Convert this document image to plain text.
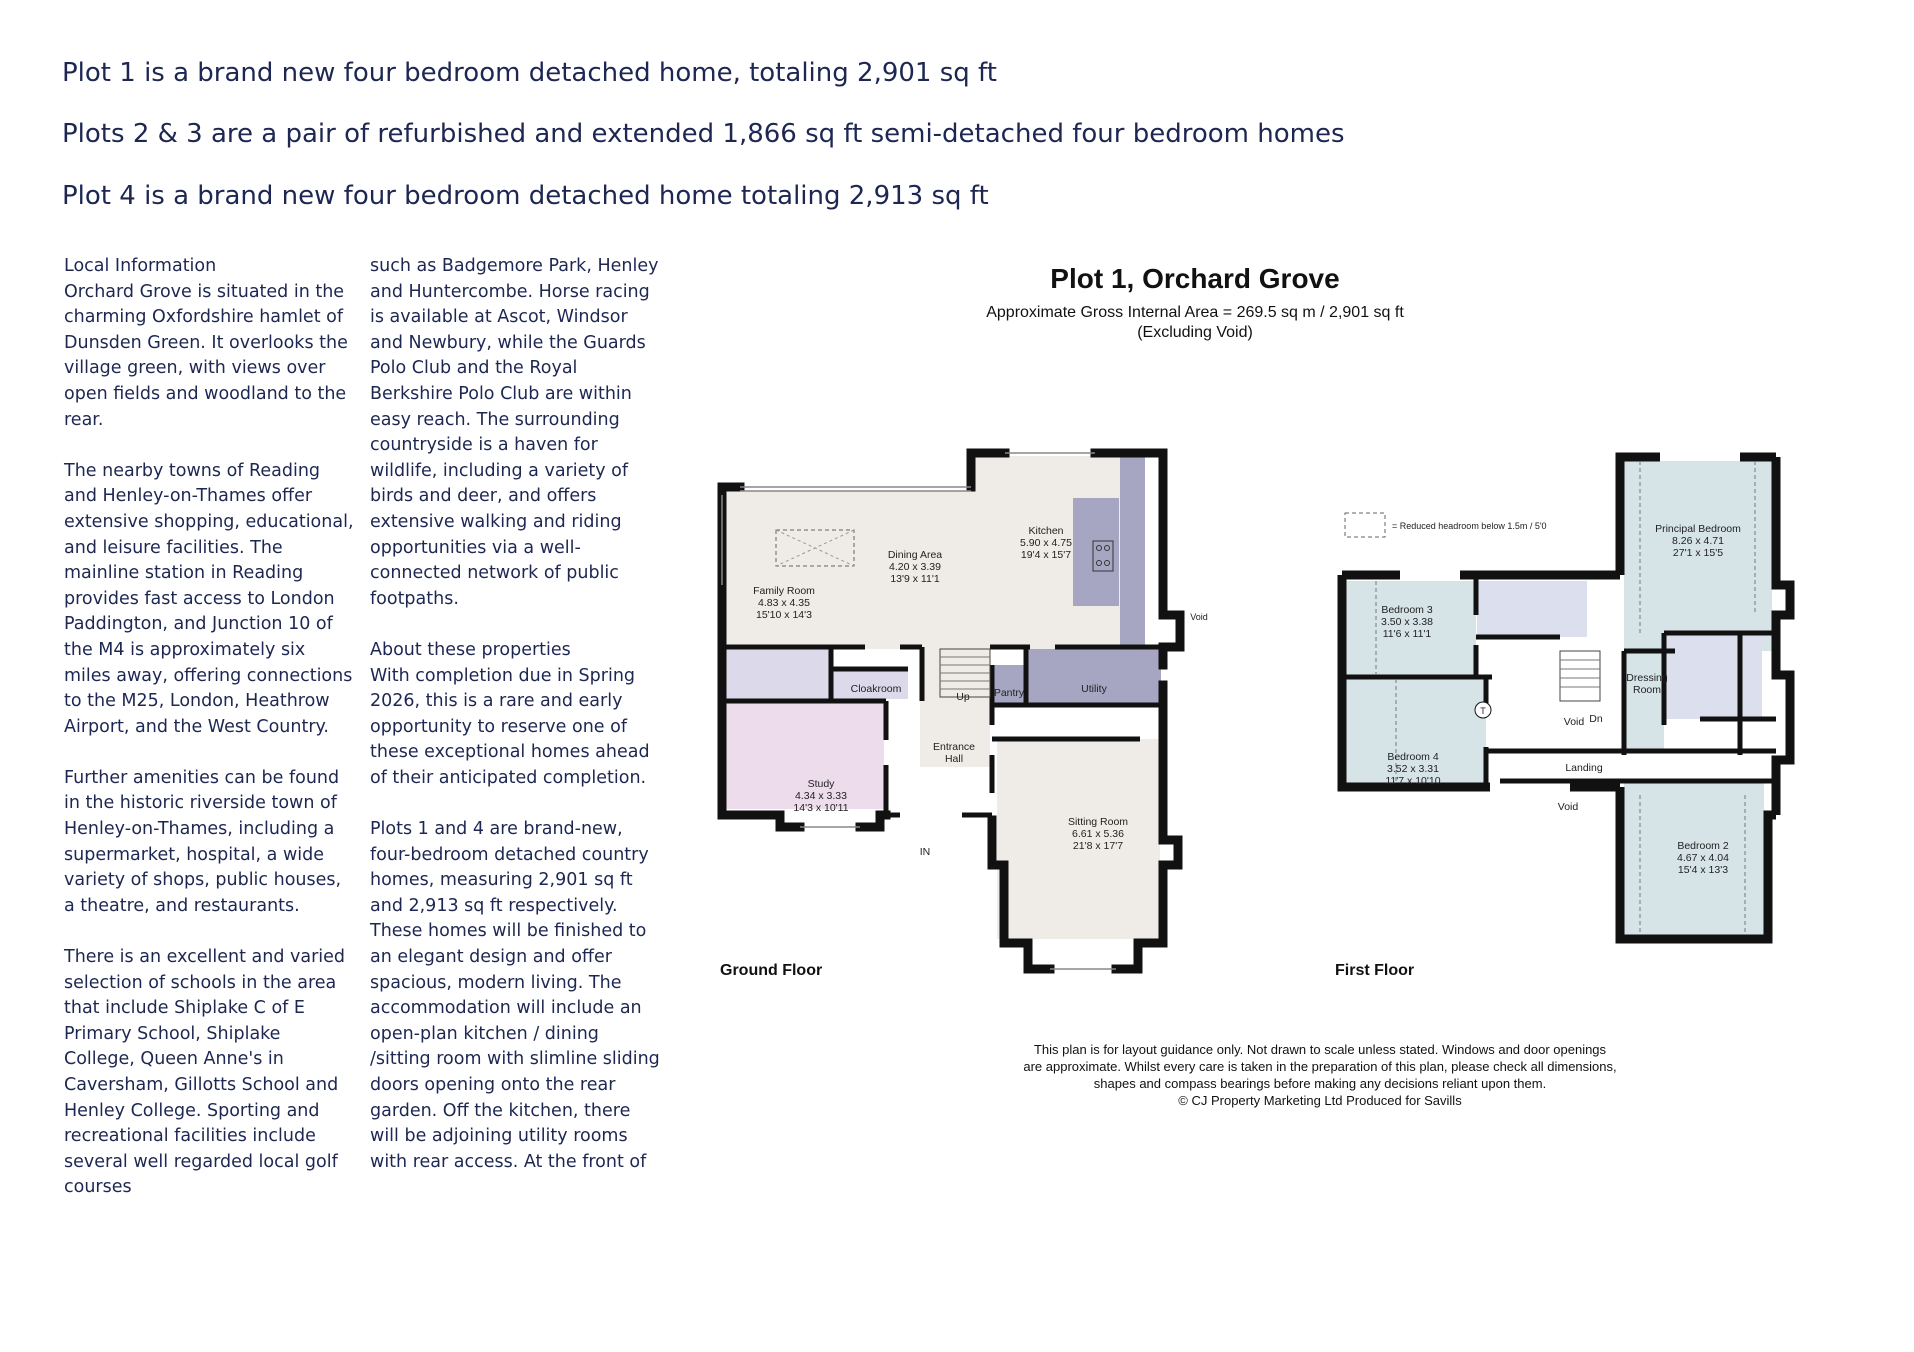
Plot 1 is a brand new four bedroom detached home, totaling 2,901 sq ft
Plots 2 & 3 are a pair of refurbished and extended 1,866 sq ft semi-detached four bedroom homes
Plot 4 is a brand new four bedroom detached home totaling 2,913 sq ft
Local Information

Orchard Grove is situated in the charming Oxfordshire hamlet of Dunsden Green. It overlooks the village green, with views over open fields and woodland to the rear.

The nearby towns of Reading and Henley-on-Thames offer extensive shopping, educational, and leisure facilities. The mainline station in Reading provides fast access to London Paddington, and Junction 10 of the M4 is approximately six miles away, offering connections to the M25, London, Heathrow Airport, and the West Country.

Further amenities can be found in the historic riverside town of Henley-on-Thames, including a supermarket, hospital, a wide variety of shops, public houses, a theatre, and restaurants.

There is an excellent and varied selection of schools in the area that include Shiplake C of E Primary School, Shiplake College, Queen Anne's in Caversham, Gillotts School and Henley College. Sporting and recreational facilities include several well regarded local golf courses

such as Badgemore Park, Henley and Huntercombe. Horse racing is available at Ascot, Windsor and Newbury, while the Guards Polo Club and the Royal Berkshire Polo Club are within easy reach. The surrounding countryside is a haven for wildlife, including a variety of birds and deer, and offers extensive walking and riding opportunities via a well-connected network of public footpaths.

About these properties

With completion due in Spring 2026, this is a rare and early opportunity to reserve one of these exceptional homes ahead of their anticipated completion.

Plots 1 and 4 are brand-new, four-bedroom detached country homes, measuring 2,901 sq ft and 2,913 sq ft respectively. These homes will be finished to an elegant design and offer spacious, modern living. The accommodation will include an open-plan kitchen / dining /sitting room with slimline sliding doors opening onto the rear garden. Off the kitchen, there will be adjoining utility rooms with rear access. At the front of

Plot 1, Orchard Grove
Approximate Gross Internal Area = 269.5 sq m / 2,901 sq ft
(Excluding Void)
Family Room
4.83 x 4.35
15'10 x 14'3
Dining Area
4.20 x 3.39
13'9 x 11'1
Kitchen
5.90 x 4.75
19'4 x 15'7
Cloakroom	Pantry	Utility
Up
Entrance
Hall
Study
4.34 x 3.33
14'3 x 10'11
Sitting Room
6.61 x 5.36
21'8 x 17'7
IN
Void
= Reduced headroom below 1.5m / 5'0	Principal Bedroom
8.26 x 4.71
27'1 x 15'5
Bedroom 3
3.50 x 3.38
11'6 x 11'1
Bedroom 4
3.52 x 3.31
11'7 x 10'10
Bedroom 2
4.67 x 4.04
15'4 x 13'3
Dressing
Room
Void Dn
Landing
Void
T
Ground Floor	First Floor
This plan is for layout guidance only. Not drawn to scale unless stated. Windows and door openings
are approximate. Whilst every care is taken in the preparation of this plan, please check all dimensions,
shapes and compass bearings before making any decisions reliant upon them.
© CJ Property Marketing Ltd Produced for Savills
